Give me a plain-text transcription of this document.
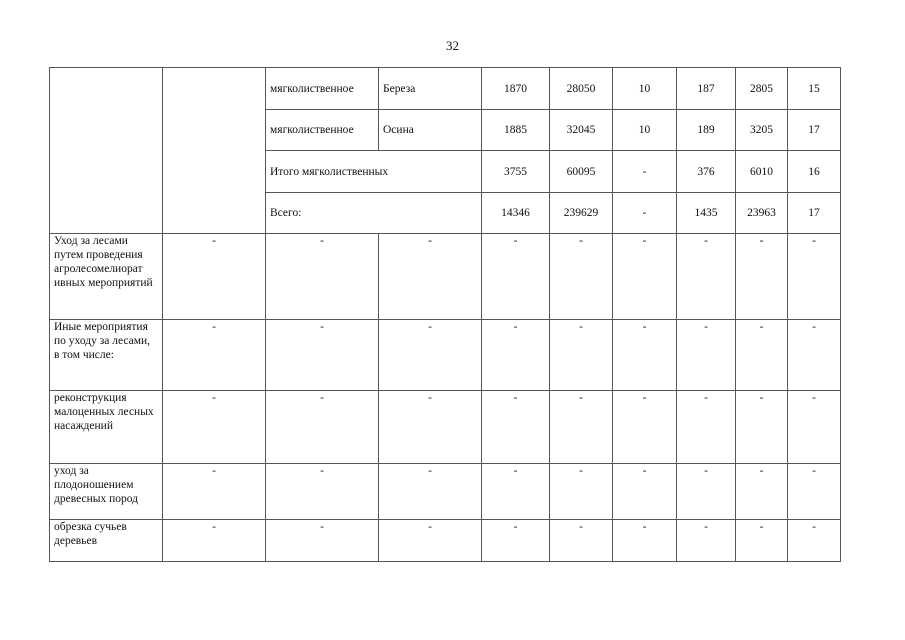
32
		мягколиственное	Береза	1870	28050	10	187	2805	15
		мягколиственное	Осина	1885	32045	10	189	3205	17
		Итого мягколиственных		3755	60095	-	376	6010	16
		Всего:		14346	239629	-	1435	23963	17
Уход за лесами путем проведения агролесомелиорат ивных мероприятий	-	-	-	-	-	-	-	-	-
Иные мероприятия по уходу за лесами, в том числе:	-	-	-	-	-	-	-	-	-
реконструкция малоценных лесных насаждений	-	-	-	-	-	-	-	-	-
уход за плодоношением древесных пород	-	-	-	-	-	-	-	-	-
обрезка сучьев деревьев	-	-	-	-	-	-	-	-	-
